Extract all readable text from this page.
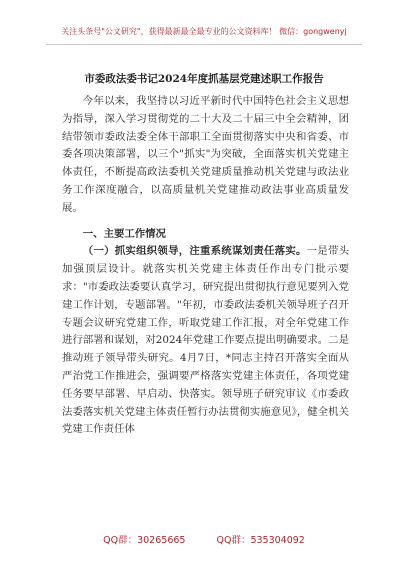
关注头条号"公文研究"，获得最新最全最专业的公文资料库！ 微信：gongwenyj
市委政法委书记2024年度抓基层党建述职工作报告

今年以来，我坚持以习近平新时代中国特色社会主义思想为指导，深入学习贯彻党的二十大及二十届三中全会精神，团结带领市委政法委全体干部职工全面贯彻落实中央和省委、市委各项决策部署，以三个"抓实"为突破，全面落实机关党建主体责任，不断提高政法委机关党建质量推动机关党建与政法业务工作深度融合，以高质量机关党建推动政法事业高质量发展。

一、主要工作情况

（一）抓实组织领导，注重系统谋划责任落实。一是带头加强顶层设计。就落实机关党建主体责任作出专门批示要求："市委政法委要认真学习，研究提出贯彻执行意见要列入党建工作计划，专题部署。"年初，市委政法委机关领导班子召开专题会议研究党建工作，听取党建工作汇报，对全年党建工作进行部署和谋划，对2024年党建工作要点提出明确要求。二是推动班子领导带头研究。4月7日，*同志主持召开落实全面从严治党工作推进会，强调要严格落实党建主体责任，各项党建任务要早部署、早启动、快落实。领导班子研究审议《市委政法委落实机关党建主体责任暂行办法贯彻实施意见》，健全机关党建工作责任体

QQ群：30265665	QQ群：535304092
